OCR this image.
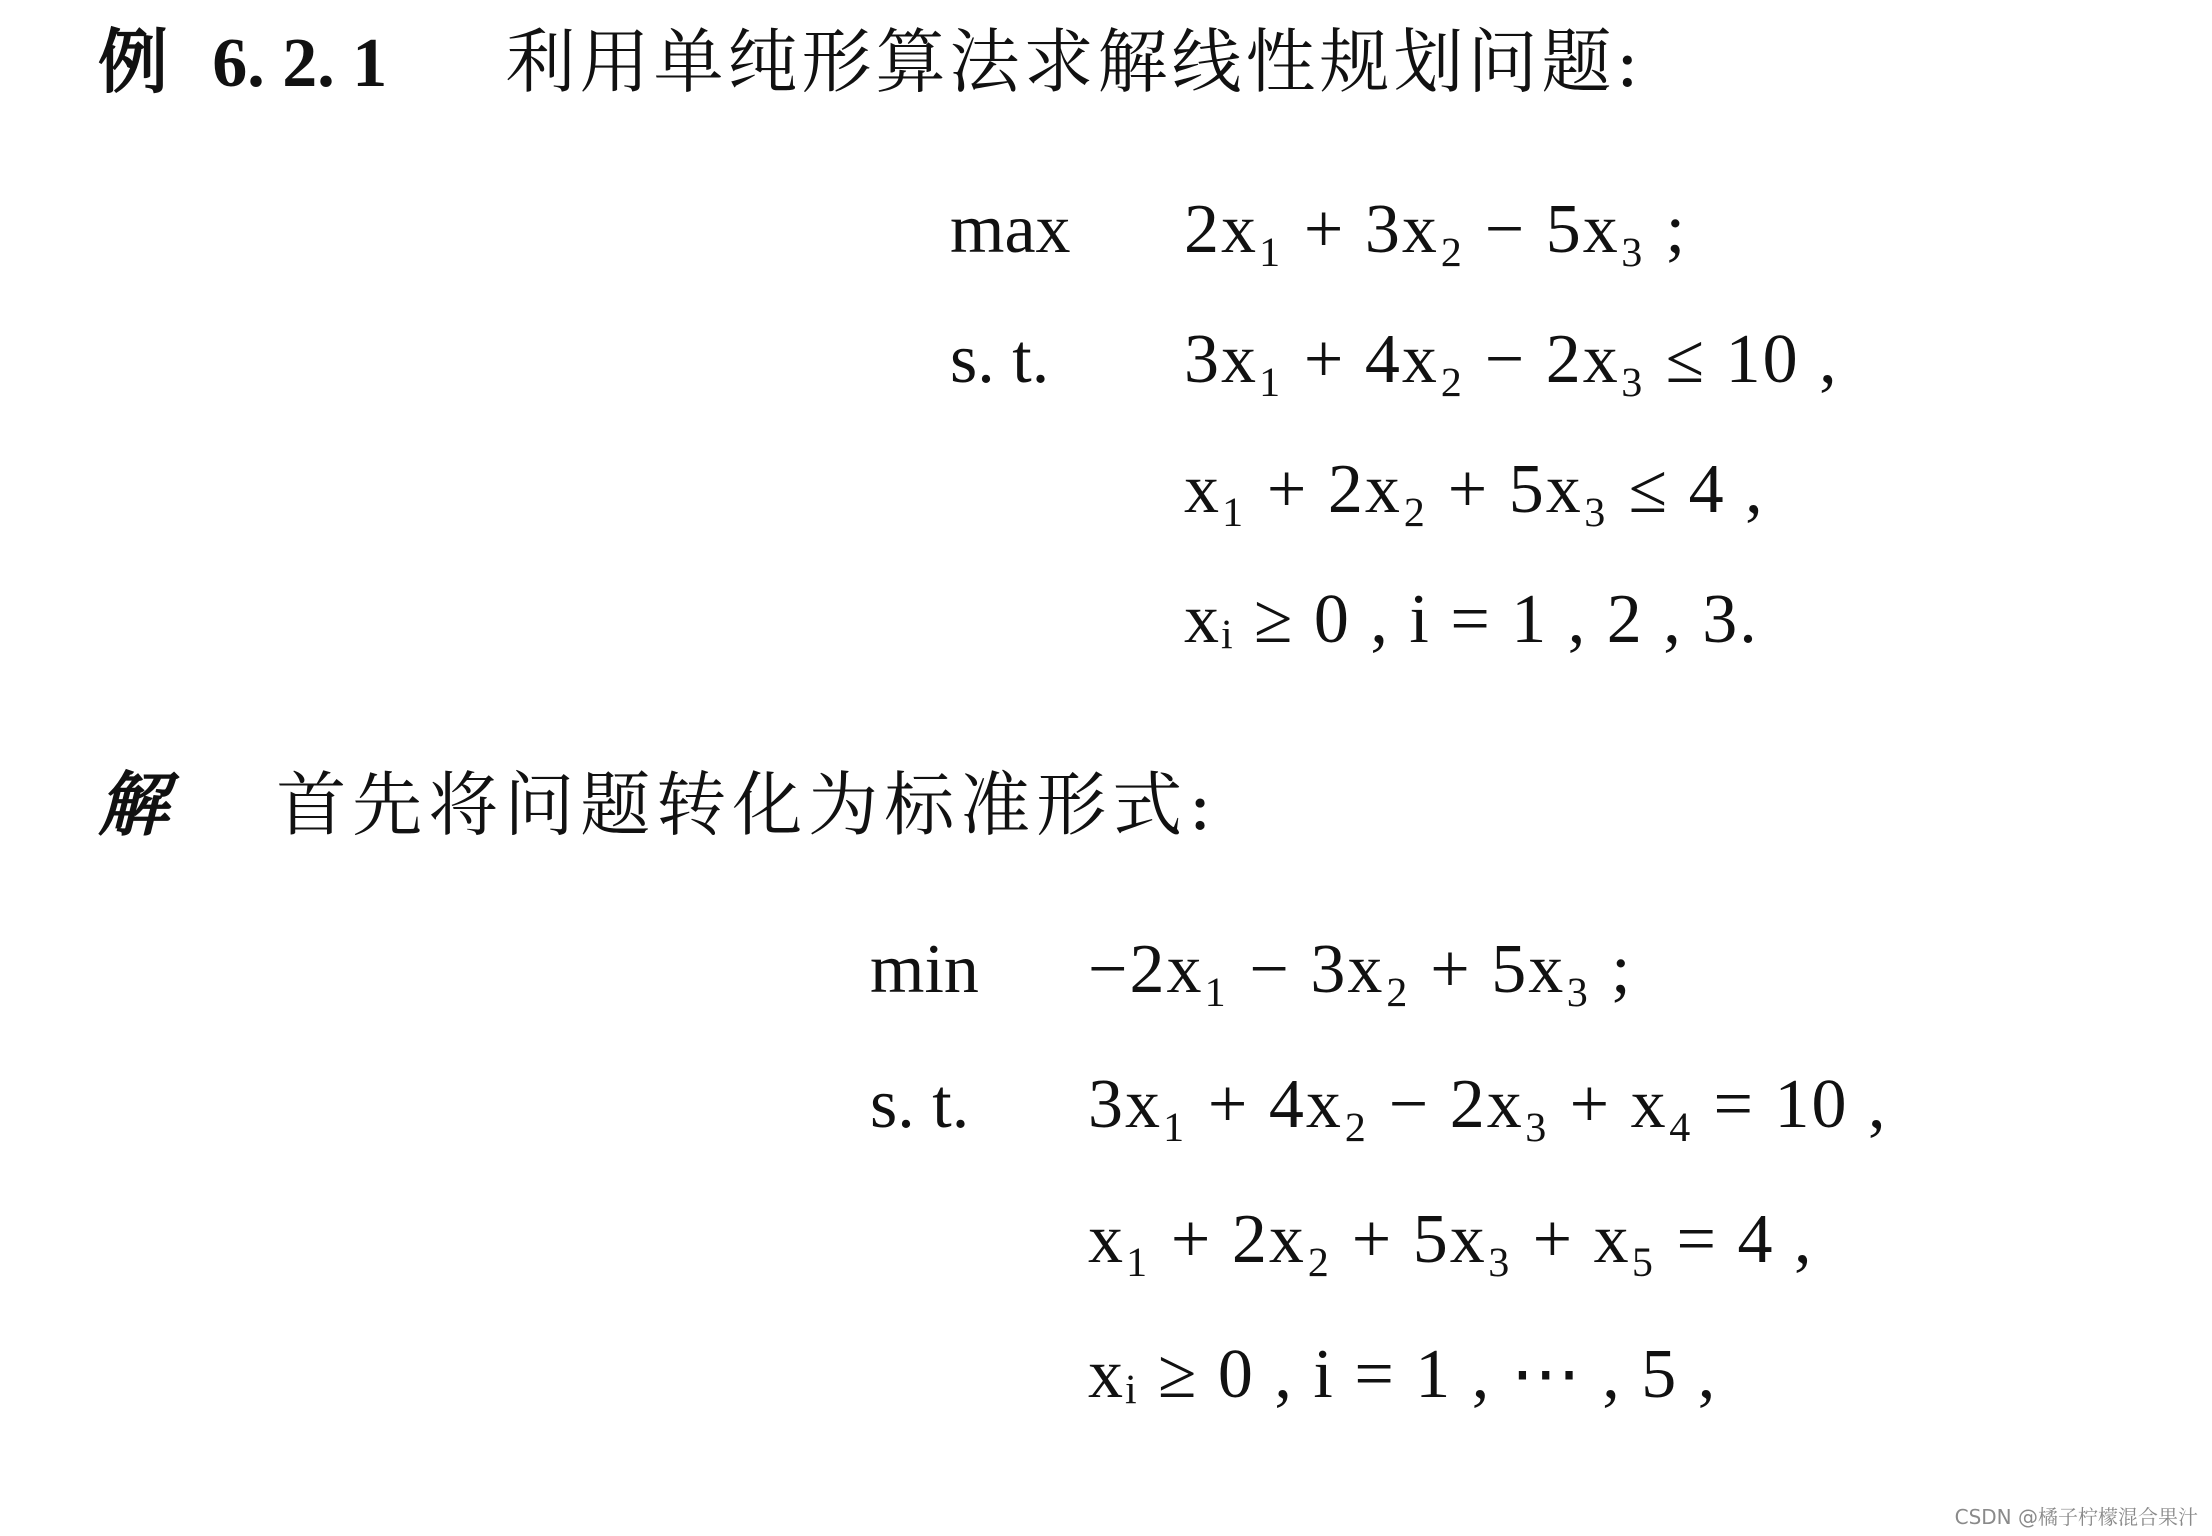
例 6. 2. 1 利用单纯形算法求解线性规划问题:
max 2x₁ + 3x₂ − 5x₃ ;
s. t. 3x₁ + 4x₂ − 2x₃ ≤ 10 ,
x₁ + 2x₂ + 5x₃ ≤ 4 ,
xᵢ ≥ 0 , i = 1 , 2 , 3.
解 首先将问题转化为标准形式:
min −2x₁ − 3x₂ + 5x₃ ;
s. t. 3x₁ + 4x₂ − 2x₃ + x₄ = 10 ,
x₁ + 2x₂ + 5x₃ + x₅ = 4 ,
xᵢ ≥ 0 , i = 1 , ⋯ , 5 ,
CSDN @橘子柠檬混合果汁
